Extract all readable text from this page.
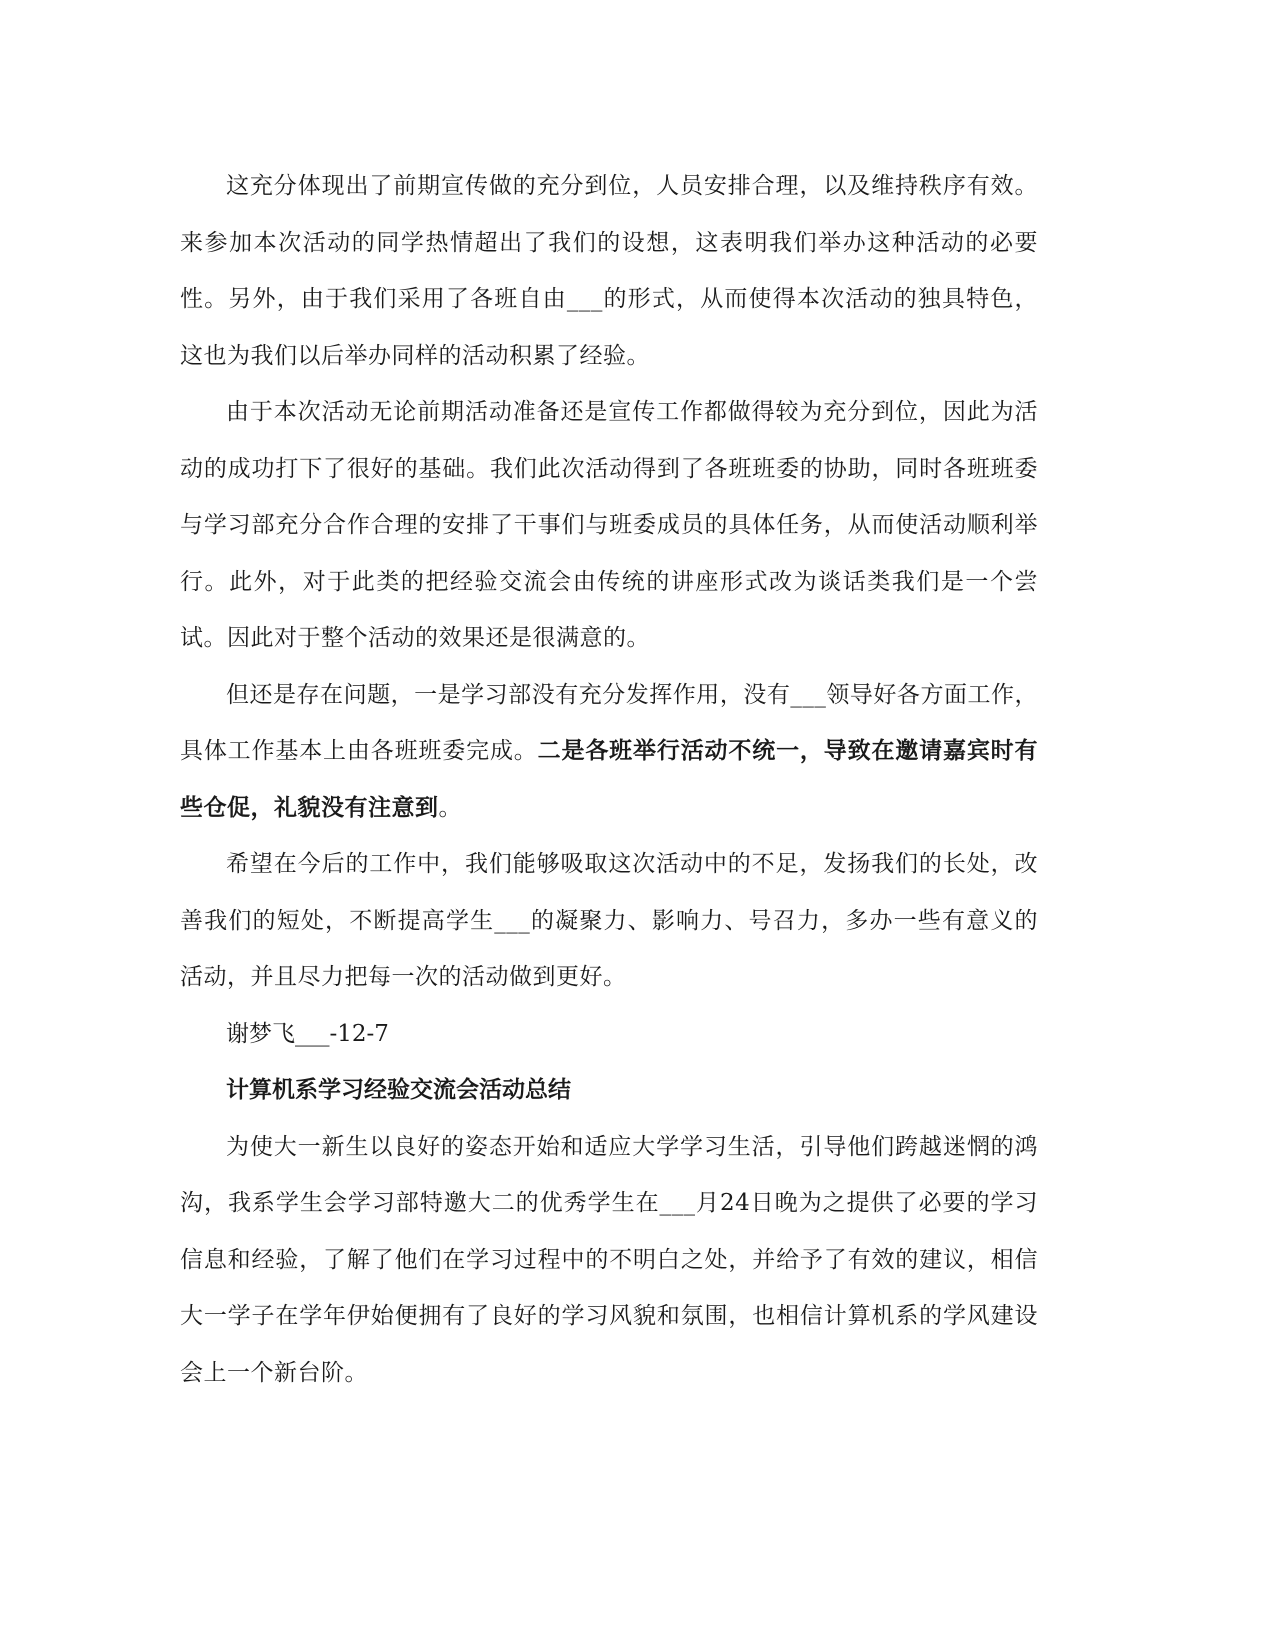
这充分体现出了前期宣传做的充分到位，人员安排合理，以及维持秩序有效。来参加本次活动的同学热情超出了我们的设想，这表明我们举办这种活动的必要性。另外，由于我们采用了各班自由___的形式，从而使得本次活动的独具特色，这也为我们以后举办同样的活动积累了经验。

由于本次活动无论前期活动准备还是宣传工作都做得较为充分到位，因此为活动的成功打下了很好的基础。我们此次活动得到了各班班委的协助，同时各班班委与学习部充分合作合理的安排了干事们与班委成员的具体任务，从而使活动顺利举行。此外，对于此类的把经验交流会由传统的讲座形式改为谈话类我们是一个尝试。因此对于整个活动的效果还是很满意的。

但还是存在问题，一是学习部没有充分发挥作用，没有___领导好各方面工作，具体工作基本上由各班班委完成。二是各班举行活动不统一，导致在邀请嘉宾时有些仓促，礼貌没有注意到。

希望在今后的工作中，我们能够吸取这次活动中的不足，发扬我们的长处，改善我们的短处，不断提高学生___的凝聚力、影响力、号召力，多办一些有意义的活动，并且尽力把每一次的活动做到更好。

谢梦飞___-12-7

计算机系学习经验交流会活动总结

为使大一新生以良好的姿态开始和适应大学学习生活，引导他们跨越迷惘的鸿沟，我系学生会学习部特邀大二的优秀学生在___月24日晚为之提供了必要的学习信息和经验，了解了他们在学习过程中的不明白之处，并给予了有效的建议，相信大一学子在学年伊始便拥有了良好的学习风貌和氛围，也相信计算机系的学风建设会上一个新台阶。
